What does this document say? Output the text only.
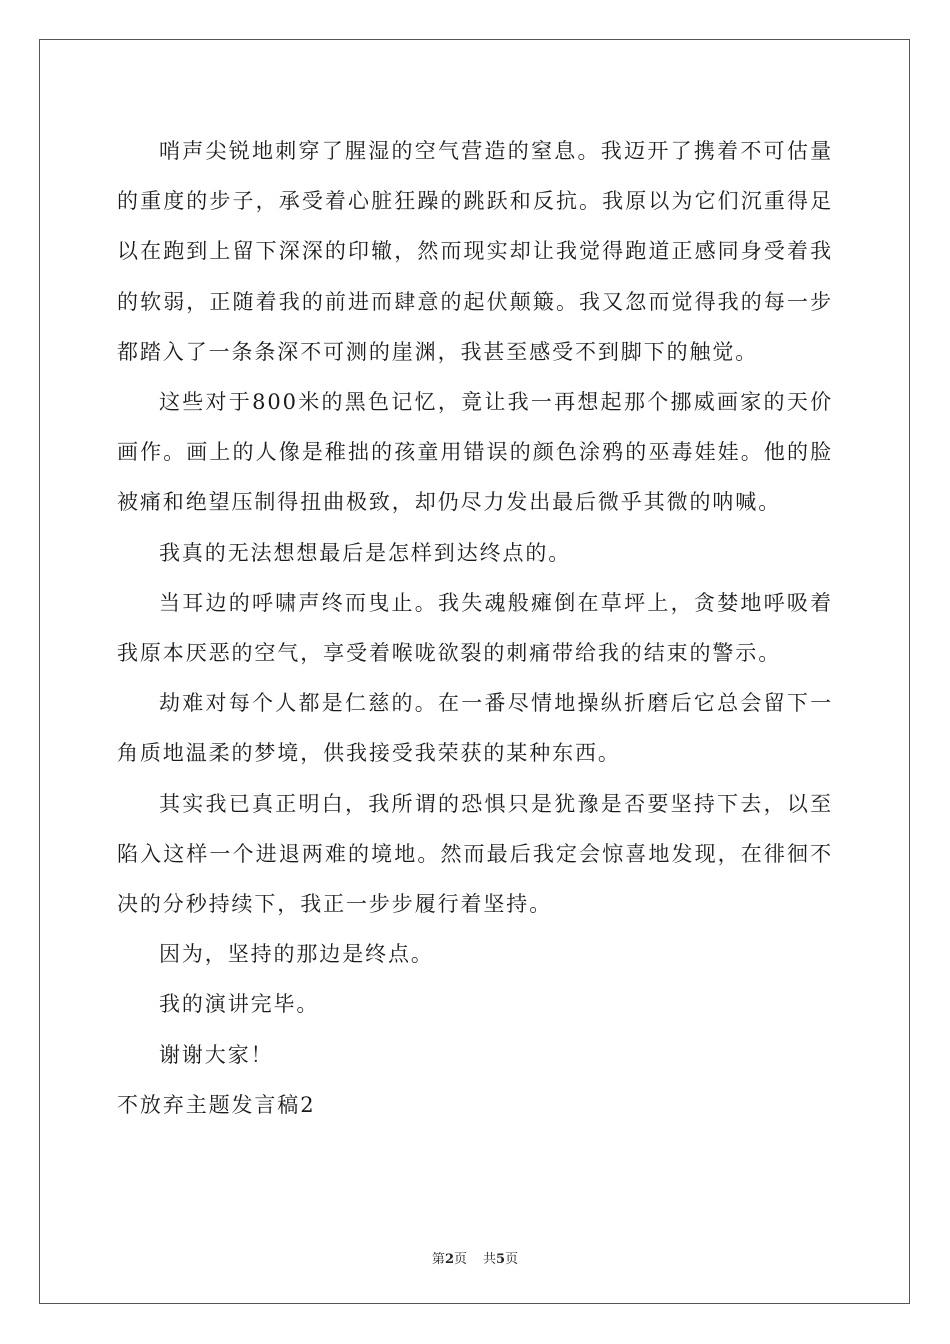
哨声尖锐地刺穿了腥湿的空气营造的窒息。我迈开了携着不可估量的重度的步子，承受着心脏狂躁的跳跃和反抗。我原以为它们沉重得足以在跑到上留下深深的印辙，然而现实却让我觉得跑道正感同身受着我的软弱，正随着我的前进而肆意的起伏颠簸。我又忽而觉得我的每一步都踏入了一条条深不可测的崖渊，我甚至感受不到脚下的触觉。

这些对于800米的黑色记忆，竟让我一再想起那个挪威画家的天价画作。画上的人像是稚拙的孩童用错误的颜色涂鸦的巫毒娃娃。他的脸被痛和绝望压制得扭曲极致，却仍尽力发出最后微乎其微的呐喊。

我真的无法想想最后是怎样到达终点的。

当耳边的呼啸声终而曳止。我失魂般瘫倒在草坪上，贪婪地呼吸着我原本厌恶的空气，享受着喉咙欲裂的刺痛带给我的结束的警示。

劫难对每个人都是仁慈的。在一番尽情地操纵折磨后它总会留下一角质地温柔的梦境，供我接受我荣获的某种东西。

其实我已真正明白，我所谓的恐惧只是犹豫是否要坚持下去，以至陷入这样一个进退两难的境地。然而最后我定会惊喜地发现，在徘徊不决的分秒持续下，我正一步步履行着坚持。

因为，坚持的那边是终点。

我的演讲完毕。

谢谢大家！

不放弃主题发言稿2

第2页 共5页
